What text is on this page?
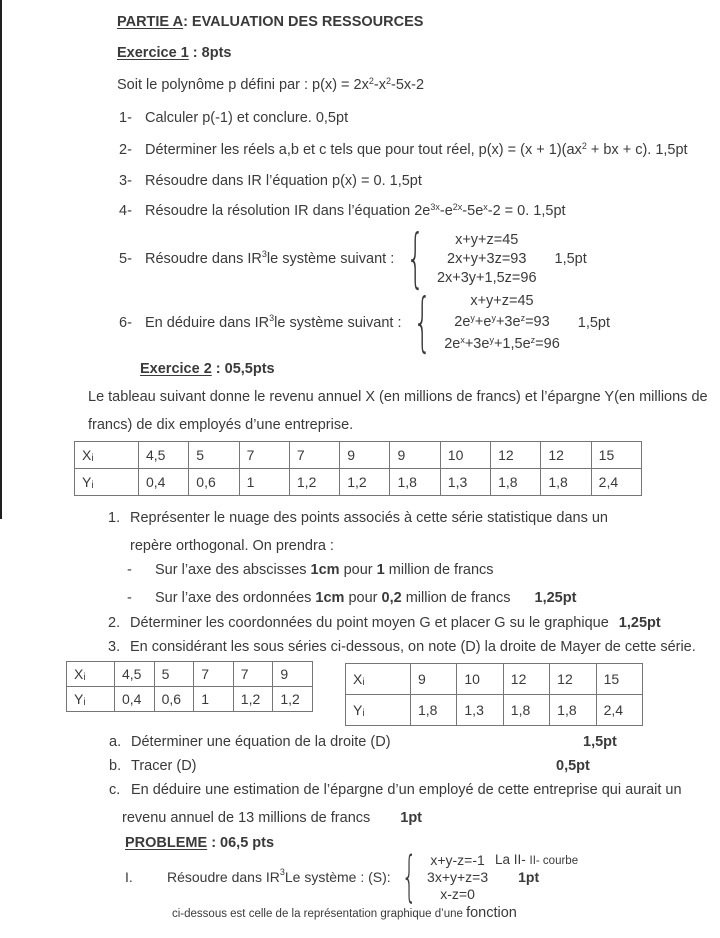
PARTIE A: EVALUATION DES RESSOURCES
Exercice 1 : 8pts
Soit le polynôme p défini par : $p(x) = 2x^2-x^2-5x-2$
1- Calculer p(-1) et conclure. 0,5pt
2- Déterminer les réels a,b et c tels que pour tout réel, $p(x) = (x + 1)(ax^2$ + bx + c). 1,5pt
3- Résoudre dans IR l’équation p(x) = 0. 1,5pt
4- Résoudre la résolution IR dans l’équation $2e^{3x}-e^{2x}-5e^x-2 = 0$. 1,5pt
5- Résoudre dans IR 3 le système suivant : {	x+y+z=45
2x+y+3z=93
2x+3y+1,5z=96
1,5pt
6- En déduire dans IR 3 le système suivant : {	x+y+z=45
$2e^y+e^y+3e^z=93$
$2e^x+3e^y+1,5e^z=96$
1,5pt
Exercice 2 : 05,5pts
Le tableau suivant donne le revenu annuel X (en millions de francs) et l’épargne Y(en millions de
francs) de dix employés d’une entreprise.
Xᵢ	4,5	5	7	7	9	9	10	12	12	15
Yᵢ	0,4	0,6	1	1,2	1,2	1,8	1,3	1,8	1,8	2,4
1. Représenter le nuage des points associés à cette série statistique dans un
repère orthogonal. On prendra :
- Sur l’axe des abscisses 1cm pour 1 million de francs
- Sur l’axe des ordonnées 1cm pour 0,2 million de francs 1,25pt
2. Déterminer les coordonnées du point moyen G et placer G su le graphique 1,25pt
3. En considérant les sous séries ci-dessous, on note (D) la droite de Mayer de cette série.
Xᵢ	4,5	5	7	7	9
Yᵢ	0,4	0,6	1	1,2	1,2
Xᵢ	9	10	12	12	15
Yᵢ	1,8	1,3	1,8	1,8	2,4
a. Déterminer une équation de la droite (D)	1,5pt
b. Tracer (D)	0,5pt
c. En déduire une estimation de l’épargne d’un employé de cette entreprise qui aurait un
revenu annuel de 13 millions de francs 1pt
PROBLEME : 06,5 pts
I.	Résoudre dans IR 3 Le système : (S): { x+y-z=-1
3x+y+z=3
x-z=0
1pt
La II- II- courbe
ci-dessous est celle de la représentation graphique d’une fonction
